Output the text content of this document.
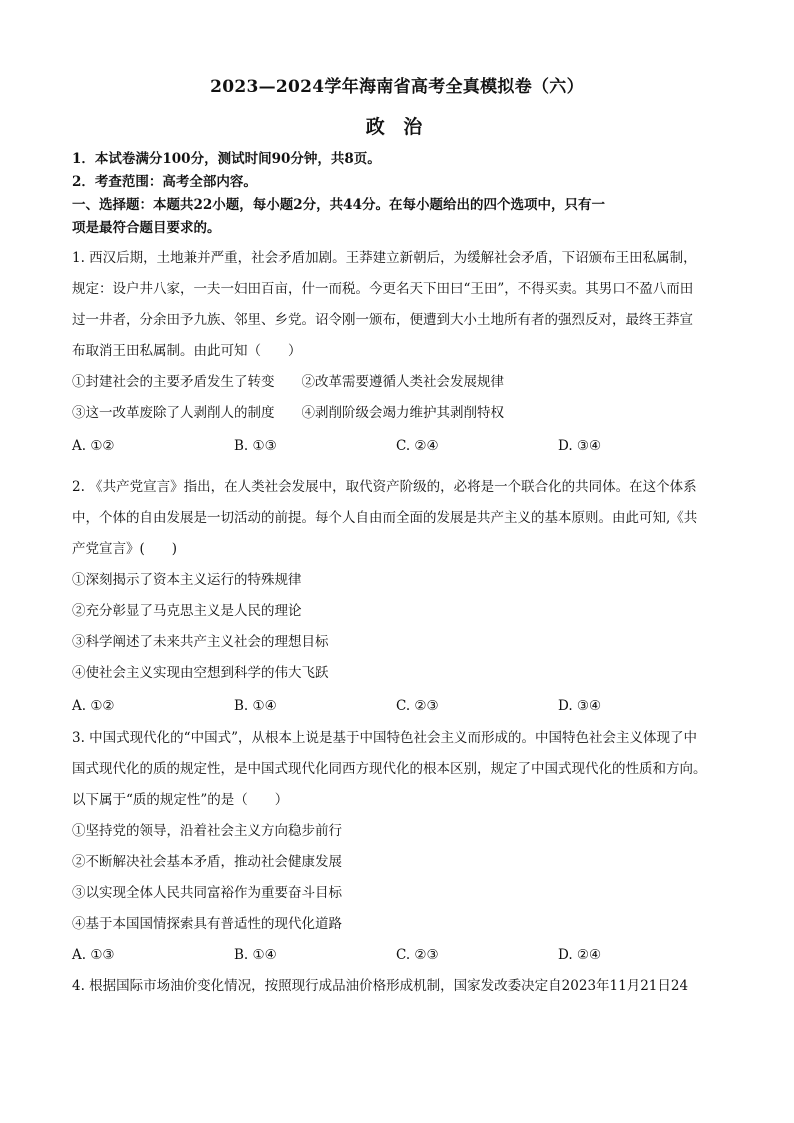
2023—2024学年海南省高考全真模拟卷（六）
政 治
1．本试卷满分100分，测试时间90分钟，共8页。
2．考查范围：高考全部内容。
一、选择题：本题共22小题，每小题2分，共44分。在每小题给出的四个选项中，只有一
项是最符合题目要求的。
1. 西汉后期，土地兼并严重，社会矛盾加剧。王莽建立新朝后，为缓解社会矛盾，下诏颁布王田私属制，
规定：设户井八家，一夫一妇田百亩，什一而税。今更名天下田曰“王田”，不得买卖。其男口不盈八而田
过一井者，分余田予九族、邻里、乡党。诏令刚一颁布，便遭到大小土地所有者的强烈反对，最终王莽宣
布取消王田私属制。由此可知（　　）
①封建社会的主要矛盾发生了转变　　②改革需要遵循人类社会发展规律
③这一改革废除了人剥削人的制度　　④剥削阶级会竭力维护其剥削特权
A. ①②	B. ①③	C. ②④	D. ③④
2. 《共产党宣言》指出，在人类社会发展中，取代资产阶级的，必将是一个联合化的共同体。在这个体系
中，个体的自由发展是一切活动的前提。每个人自由而全面的发展是共产主义的基本原则。由此可知,《共
产党宣言》(　　)
①深刻揭示了资本主义运行的特殊规律
②充分彰显了马克思主义是人民的理论
③科学阐述了未来共产主义社会的理想目标
④使社会主义实现由空想到科学的伟大飞跃
A. ①②	B. ①④	C. ②③	D. ③④
3. 中国式现代化的“中国式”，从根本上说是基于中国特色社会主义而形成的。中国特色社会主义体现了中
国式现代化的质的规定性，是中国式现代化同西方现代化的根本区别，规定了中国式现代化的性质和方向。
以下属于“质的规定性”的是（　　）
①坚持党的领导，沿着社会主义方向稳步前行
②不断解决社会基本矛盾，推动社会健康发展
③以实现全体人民共同富裕作为重要奋斗目标
④基于本国国情探索具有普适性的现代化道路
A. ①③	B. ①④	C. ②③	D. ②④
4. 根据国际市场油价变化情况，按照现行成品油价格形成机制，国家发改委决定自2023年11月21日24
